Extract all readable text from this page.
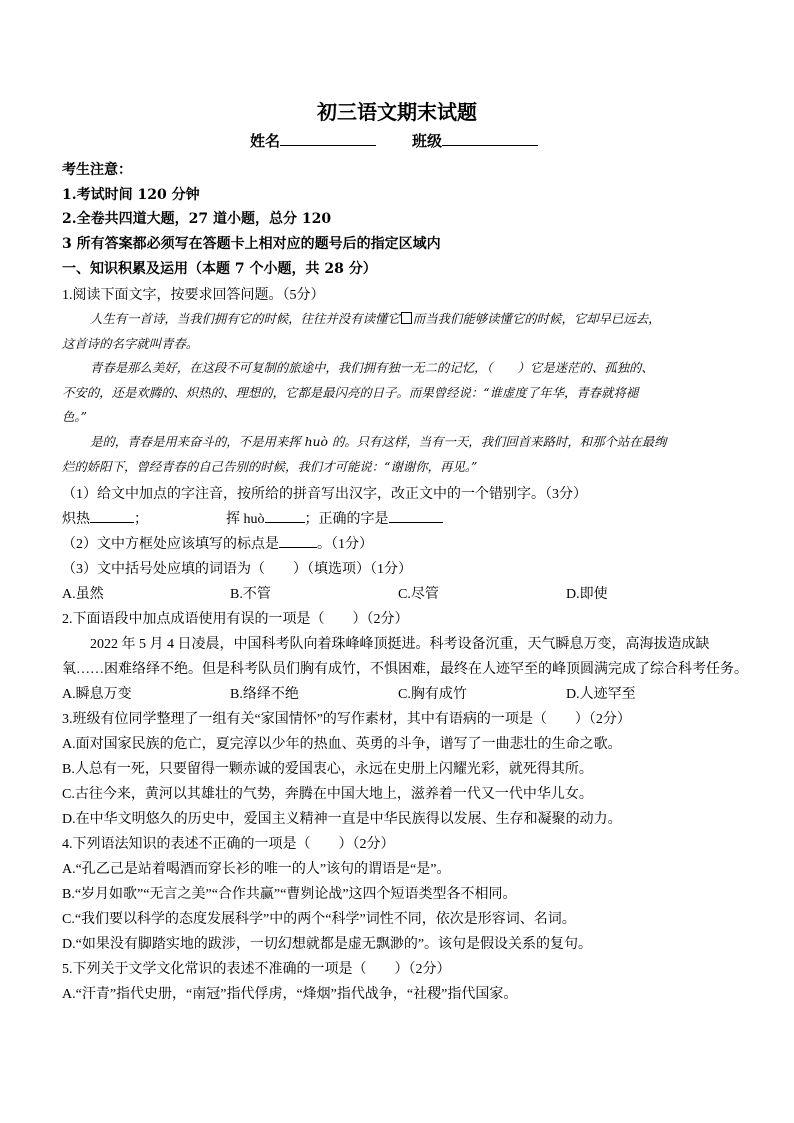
初三语文期末试题
姓名	班级
考生注意：
1.考试时间 120 分钟
2.全卷共四道大题，27 道小题，总分 120
3 所有答案都必须写在答题卡上相对应的题号后的指定区域内
一、知识积累及运用（本题 7 个小题，共 28 分）
1.阅读下面文字，按要求回答问题。（5分）
人生有一首诗，当我们拥有它的时候，往往并没有读懂它 而当我们能够读懂它的时候，它却早已远去，
这首诗的名字就叫青春。
青春是那么美好，在这段不可复制的旅途中，我们拥有独一无二的记忆，（　　）它是迷茫的、孤独的、
不安的，还是欢腾的、炽热的、理想的，它都是最闪亮的日子。而果曾经说：“谁虚度了年华，青春就将褪
色。”
是的，青春是用来奋斗的，不是用来挥 huò 的。只有这样，当有一天，我们回首来路时，和那个站在最绚
烂的娇阳下，曾经青春的自己告别的时候，我们才可能说：“谢谢你，再见。”
（1）给文中加点的字注音，按所给的拼音写出汉字，改正文中的一个错别字。（3分）
炽热	；	挥 huò	；正确的字是
（2）文中方框处应该填写的标点是	。（1分）
（3）文中括号处应填的词语为（　　）（填选项）（1分）
A.虽然	B.不管	C.尽管	D.即使
2.下面语段中加点成语使用有误的一项是（　　）（2分）
2022 年 5 月 4 日凌晨，中国科考队向着珠峰峰顶挺进。科考设备沉重，天气瞬息万变，高海拔造成缺
氧……困难络绎不绝。但是科考队员们胸有成竹，不惧困难，最终在人迹罕至的峰顶圆满完成了综合科考任务。
A.瞬息万变	B.络绎不绝	C.胸有成竹	D.人迹罕至
3.班级有位同学整理了一组有关“家国情怀”的写作素材，其中有语病的一项是（　　）（2分）
A.面对国家民族的危亡，夏完淳以少年的热血、英勇的斗争，谱写了一曲悲壮的生命之歌。
B.人总有一死，只要留得一颗赤诚的爱国衷心，永远在史册上闪耀光彩，就死得其所。
C.古往今来，黄河以其雄壮的气势，奔腾在中国大地上，滋养着一代又一代中华儿女。
D.在中华文明悠久的历史中，爱国主义精神一直是中华民族得以发展、生存和凝聚的动力。
4.下列语法知识的表述不正确的一项是（　　）（2分）
A.“孔乙己是站着喝酒而穿长衫的唯一的人”该句的谓语是“是”。
B.“岁月如歌”“无言之美”“合作共赢”“曹刿论战”这四个短语类型各不相同。
C.“我们要以科学的态度发展科学”中的两个“科学”词性不同，依次是形容词、名词。
D.“如果没有脚踏实地的跋涉，一切幻想就都是虚无飘渺的”。该句是假设关系的复句。
5.下列关于文学文化常识的表述不准确的一项是（　　）（2分）
A.“汗青”指代史册，“南冠”指代俘虏，“烽烟”指代战争，“社稷”指代国家。
